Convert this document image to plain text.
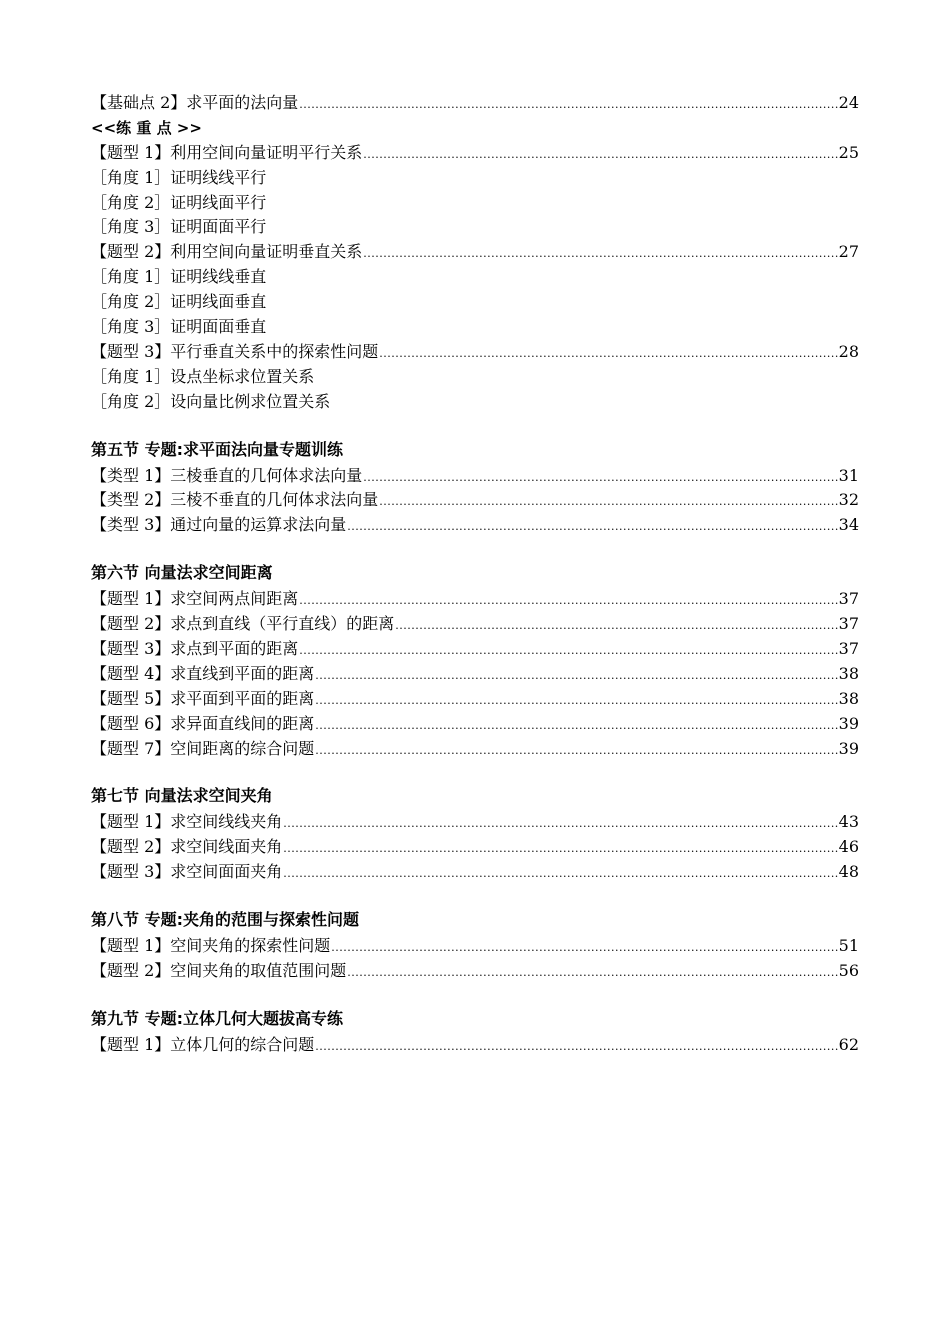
【基础点 2】求平面的法向量 .....	24
<<练 重 点 >>
【题型 1】利用空间向量证明平行关系 .....	25
［角度 1］证明线线平行
［角度 2］证明线面平行
［角度 3］证明面面平行
【题型 2】利用空间向量证明垂直关系 .....	27
［角度 1］证明线线垂直
［角度 2］证明线面垂直
［角度 3］证明面面垂直
【题型 3】平行垂直关系中的探索性问题 .....	28
［角度 1］设点坐标求位置关系
［角度 2］设向量比例求位置关系
第五节 专题:求平面法向量专题训练
【类型 1】三棱垂直的几何体求法向量 .....	31
【类型 2】三棱不垂直的几何体求法向量 .....	32
【类型 3】通过向量的运算求法向量 .....	34
第六节 向量法求空间距离
【题型 1】求空间两点间距离 .....	37
【题型 2】求点到直线（平行直线）的距离 .....	37
【题型 3】求点到平面的距离 .....	37
【题型 4】求直线到平面的距离 .....	38
【题型 5】求平面到平面的距离 .....	38
【题型 6】求异面直线间的距离 .....	39
【题型 7】空间距离的综合问题 .....	39
第七节 向量法求空间夹角
【题型 1】求空间线线夹角 .....	43
【题型 2】求空间线面夹角 .....	46
【题型 3】求空间面面夹角 .....	48
第八节 专题:夹角的范围与探索性问题
【题型 1】空间夹角的探索性问题 .....	51
【题型 2】空间夹角的取值范围问题 .....	56
第九节 专题:立体几何大题拔高专练
【题型 1】立体几何的综合问题 .....	62
